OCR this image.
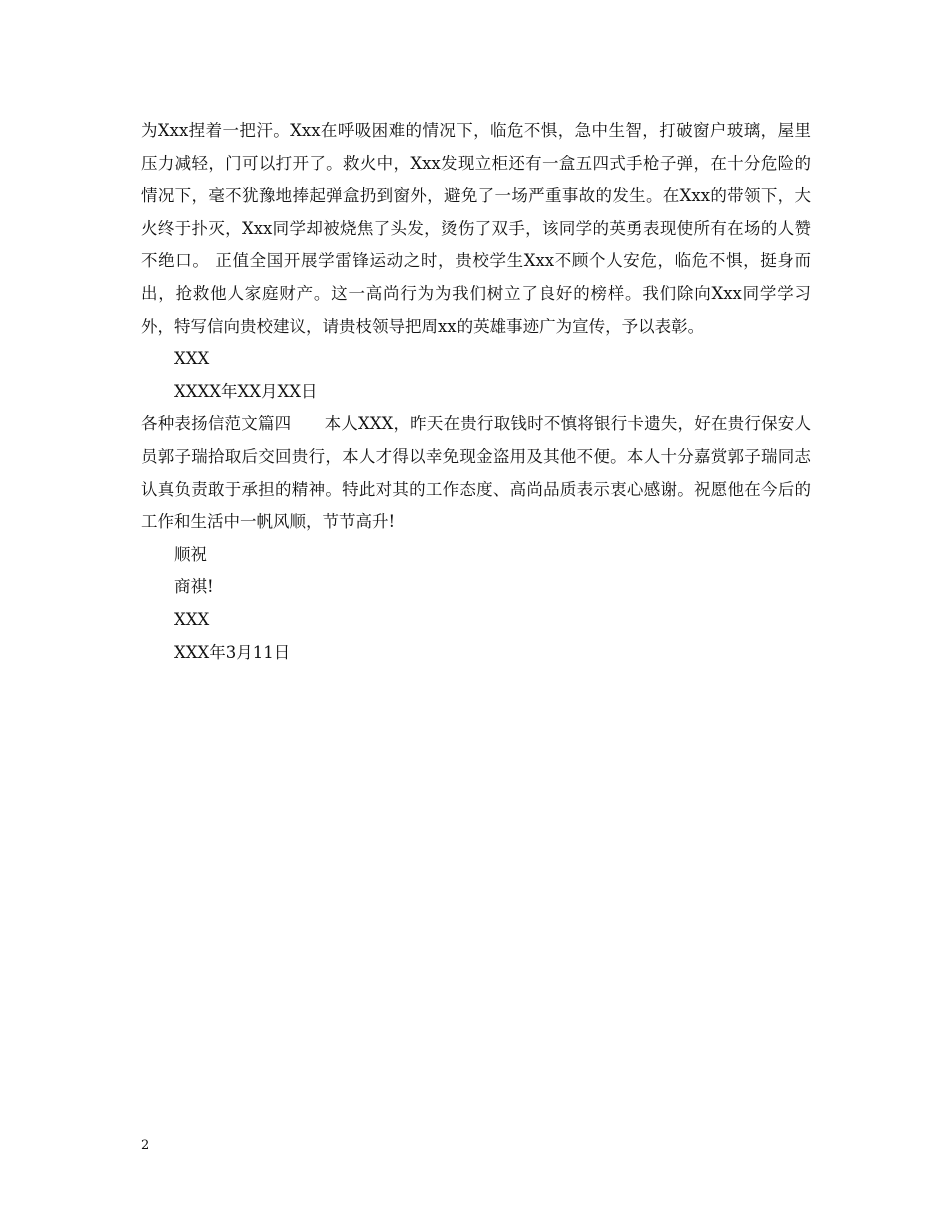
为Xxx捏着一把汗。Xxx在呼吸困难的情况下，临危不惧，急中生智，打破窗户玻璃，屋里压力减轻，门可以打开了。救火中，Xxx发现立柜还有一盒五四式手枪子弹，在十分危险的情况下，毫不犹豫地捧起弹盒扔到窗外，避免了一场严重事故的发生。在Xxx的带领下，大火终于扑灭，Xxx同学却被烧焦了头发，烫伤了双手，该同学的英勇表现使所有在场的人赞不绝口。 正值全国开展学雷锋运动之时，贵校学生Xxx不顾个人安危，临危不惧，挺身而出，抢救他人家庭财产。这一高尚行为为我们树立了良好的榜样。我们除向Xxx同学学习外，特写信向贵校建议，请贵枝领导把周xx的英雄事迹广为宣传，予以表彰。

XXX

XXXX年XX月XX日

各种表扬信范文篇四 本人XXX，昨天在贵行取钱时不慎将银行卡遗失，好在贵行保安人员郭子瑞拾取后交回贵行，本人才得以幸免现金盗用及其他不便。本人十分嘉赏郭子瑞同志认真负责敢于承担的精神。特此对其的工作态度、高尚品质表示衷心感谢。祝愿他在今后的工作和生活中一帆风顺，节节高升!

顺祝

商祺!

XXX

XXX年3月11日

2
